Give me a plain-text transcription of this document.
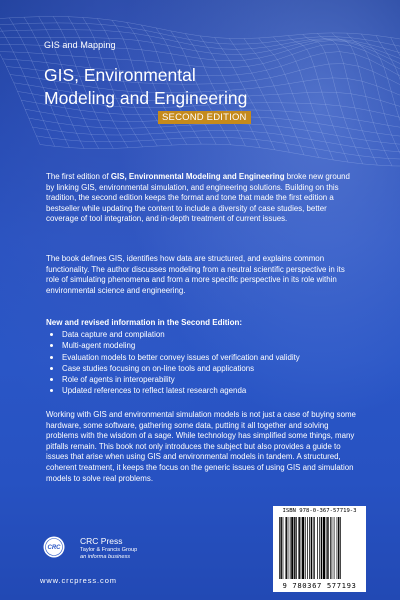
GIS and Mapping
GIS, Environmental
Modeling and Engineering
SECOND EDITION
The first edition of GIS, Environmental Modeling and Engineering broke new ground by linking GIS, environmental simulation, and engineering solutions. Building on this tradition, the second edition keeps the format and tone that made the first edition a bestseller while updating the content to include a diversity of case studies, better coverage of tool integration, and in-depth treatment of current issues.
The book defines GIS, identifies how data are structured, and explains common functionality. The author discusses modeling from a neutral scientific perspective in its role of simulating phenomena and from a more specific perspective in its role within environmental science and engineering.
New and revised information in the Second Edition:
Data capture and compilation
Multi-agent modeling
Evaluation models to better convey issues of verification and validity
Case studies focusing on on-line tools and applications
Role of agents in interoperability
Updated references to reflect latest research agenda
Working with GIS and environmental simulation models is not just a case of buying some hardware, some software, gathering some data, putting it all together and solving problems with the wisdom of a sage. While technology has simplified some things, many pitfalls remain. This book not only introduces the subject but also provides a guide to issues that arise when using GIS and environmental models in tandem. A structured, coherent treatment, it keeps the focus on the generic issues of using GIS and simulation models to solve real problems.
CRC
CRC Press
Taylor & Francis Group
an informa business
www.crcpress.com
ISBN 978-0-367-57719-3
9 780367 577193
